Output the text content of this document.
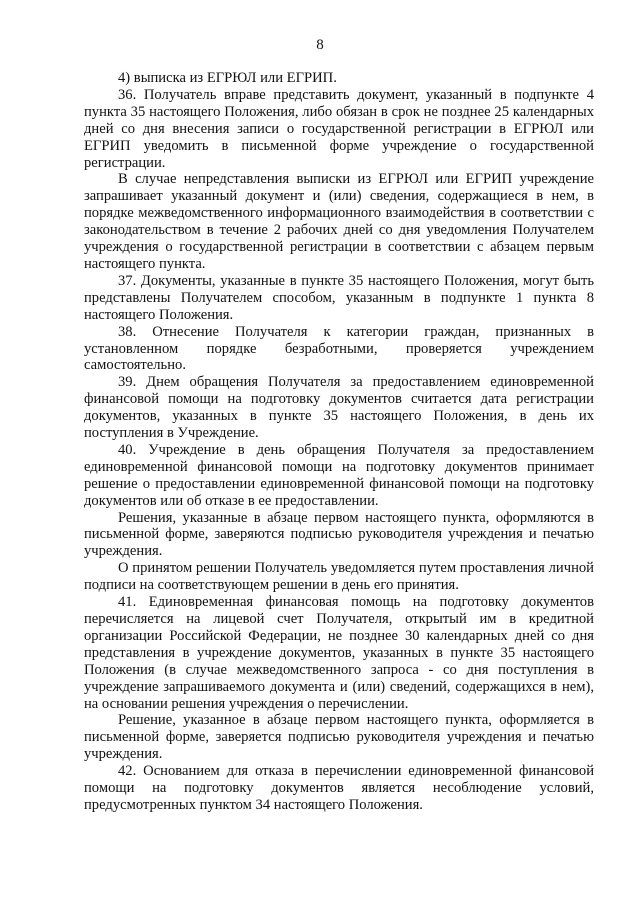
8

4) выписка из ЕГРЮЛ или ЕГРИП.

36. Получатель вправе представить документ, указанный в подпункте 4 пункта 35 настоящего Положения, либо обязан в срок не позднее 25 календарных дней со дня внесения записи о государственной регистрации в ЕГРЮЛ или ЕГРИП уведомить в письменной форме учреждение о государственной регистрации.

В случае непредставления выписки из ЕГРЮЛ или ЕГРИП учреждение запрашивает указанный документ и (или) сведения, содержащиеся в нем, в порядке межведомственного информационного взаимодействия в соответствии с законодательством в течение 2 рабочих дней со дня уведомления Получателем учреждения о государственной регистрации в соответствии с абзацем первым настоящего пункта.

37. Документы, указанные в пункте 35 настоящего Положения, могут быть представлены Получателем способом, указанным в подпункте 1 пункта 8 настоящего Положения.

38. Отнесение Получателя к категории граждан, признанных в установленном порядке безработными, проверяется учреждением самостоятельно.

39. Днем обращения Получателя за предоставлением единовременной финансовой помощи на подготовку документов считается дата регистрации документов, указанных в пункте 35 настоящего Положения, в день их поступления в Учреждение.

40. Учреждение в день обращения Получателя за предоставлением единовременной финансовой помощи на подготовку документов принимает решение о предоставлении единовременной финансовой помощи на подготовку документов или об отказе в ее предоставлении.

Решения, указанные в абзаце первом настоящего пункта, оформляются в письменной форме, заверяются подписью руководителя учреждения и печатью учреждения.

О принятом решении Получатель уведомляется путем проставления личной подписи на соответствующем решении в день его принятия.

41. Единовременная финансовая помощь на подготовку документов перечисляется на лицевой счет Получателя, открытый им в кредитной организации Российской Федерации, не позднее 30 календарных дней со дня представления в учреждение документов, указанных в пункте 35 настоящего Положения (в случае межведомственного запроса - со дня поступления в учреждение запрашиваемого документа и (или) сведений, содержащихся в нем), на основании решения учреждения о перечислении.

Решение, указанное в абзаце первом настоящего пункта, оформляется в письменной форме, заверяется подписью руководителя учреждения и печатью учреждения.

42. Основанием для отказа в перечислении единовременной финансовой помощи на подготовку документов является несоблюдение условий, предусмотренных пунктом 34 настоящего Положения.
